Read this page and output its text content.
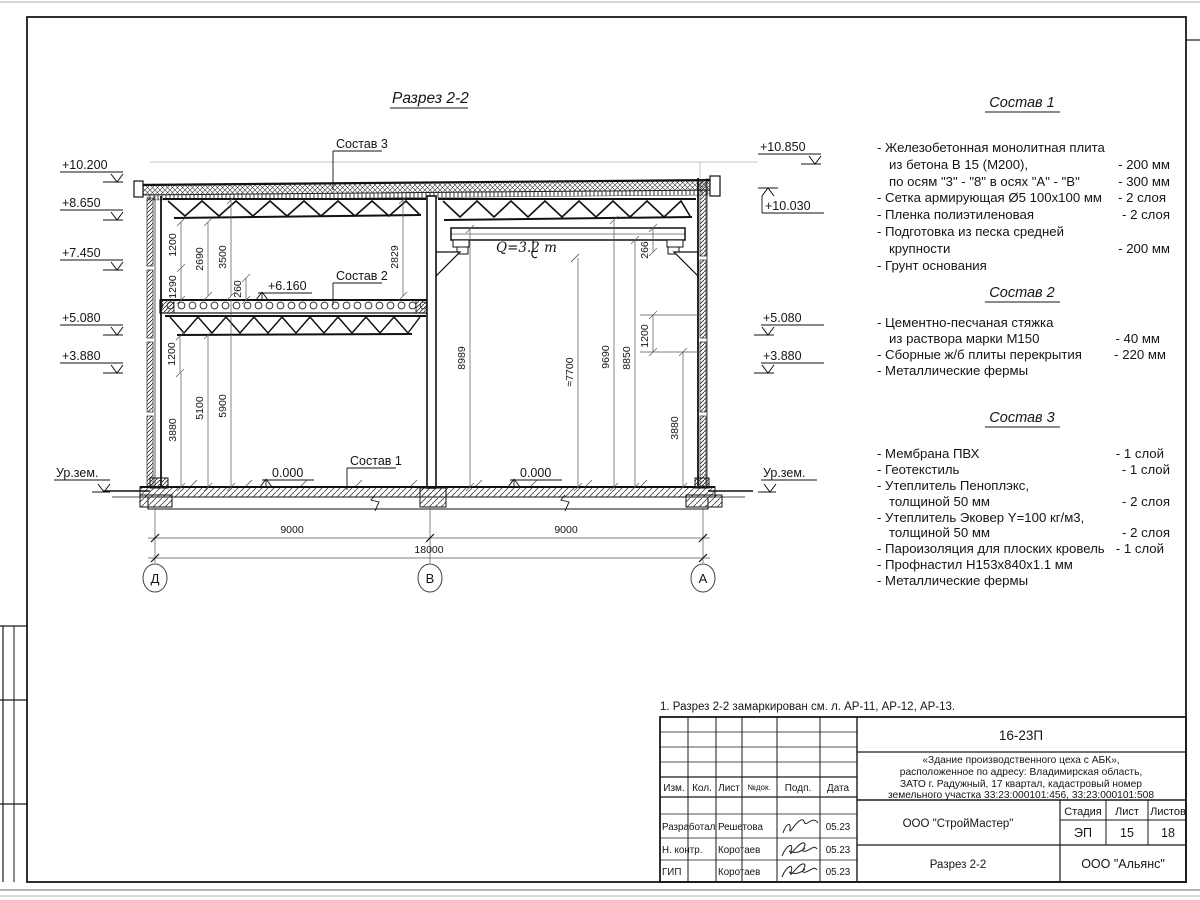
Разрез 2-2
Q=3.2 т
Состав 3
Состав 2
Состав 1
+6.160
0.000	0.000
+10.200
+8.650
+7.450
+5.080
+3.880
Ур.зем.
+10.850
+10.030
+5.080
+3.880
Ур.зем.
1200
2690 3500
1290	260
2829
1200
3880
5100 5900
266
8989	≈7700
9690 8850
1200
3880
9000	9000
18000
Д	В	А
Состав 1
- Железобетонная монолитная плита
из бетона В 15 (М200),	- 200 мм
по осям "3" - "8" в осях "А" - "В"	- 300 мм
- Сетка армирующая Ø5 100х100 мм - 2 слоя
- Пленка полиэтиленовая	- 2 слоя
- Подготовка из песка средней
крупности	- 200 мм
- Грунт основания
Состав 2
- Цементно-песчаная стяжка
из раствора марки М150	- 40 мм
- Сборные ж/б плиты перекрытия - 220 мм
- Металлические фермы
Состав 3
- Мембрана ПВХ	- 1 слой
- Геотекстиль	- 1 слой
- Утеплитель Пеноплэкс,
толщиной 50 мм	- 2 слоя
- Утеплитель Эковер Y=100 кг/м3,
толщиной 50 мм	- 2 слоя
- Пароизоляция для плоских кровель - 1 слой
- Профнастил Н153х840х1.1 мм
- Металлические фермы
1. Разрез 2-2 замаркирован см. л. АР-11, АР-12, АР-13.
Изм. Кол. Лист №док. Подп. Дата
Разработал Решетова	05.23
Н. контр. Коротаев	05.23
ГИП	Коротаев	05.23
16-23П
«Здание производственного цеха с АБК»,
расположенное по адресу: Владимирская область,
ЗАТО г. Радужный, 17 квартал, кадастровый номер
земельного участка 33:23:000101:456, 33:23:000101:508
ООО "СтройМастер"
Стадия Лист Листов
ЭП 15 18
Разрез 2-2	ООО "Альянс"
